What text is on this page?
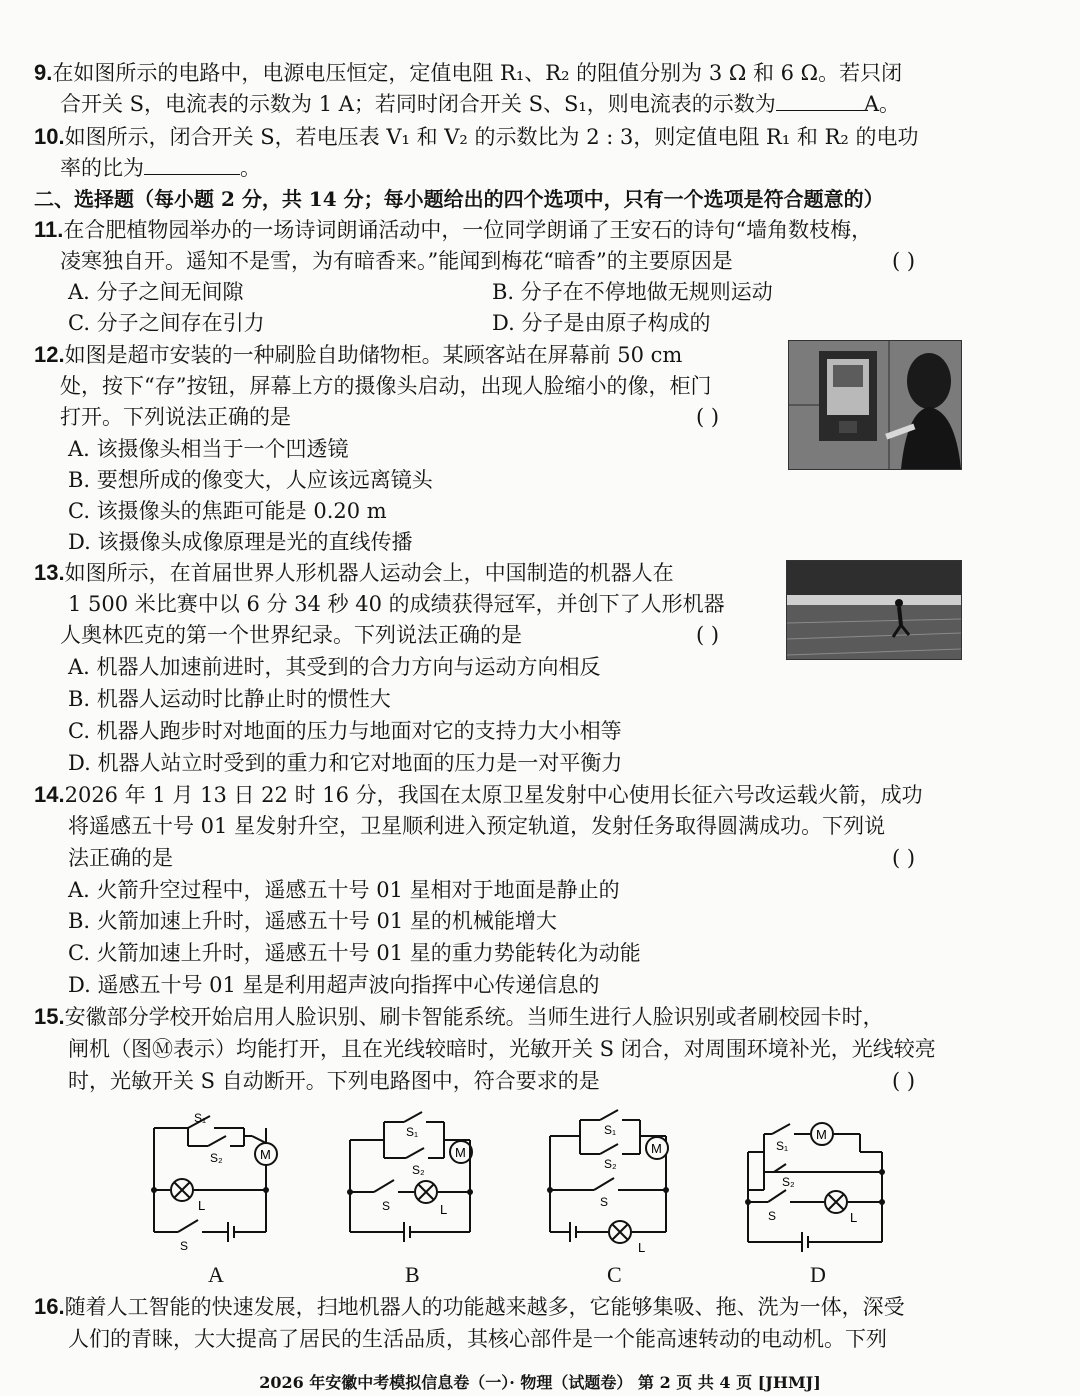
9.在如图所示的电路中，电源电压恒定，定值电阻 R₁、R₂ 的阻值分别为 3 Ω 和 6 Ω。若只闭
合开关 S，电流表的示数为 1 A；若同时闭合开关 S、S₁，则电流表的示数为	A。
10.如图所示，闭合开关 S，若电压表 V₁ 和 V₂ 的示数比为 2 : 3，则定值电阻 R₁ 和 R₂ 的电功
率的比为	。
二、选择题（每小题 2 分，共 14 分；每小题给出的四个选项中，只有一个选项是符合题意的）
11.在合肥植物园举办的一场诗词朗诵活动中，一位同学朗诵了王安石的诗句“墙角数枝梅，
凌寒独自开。遥知不是雪，为有暗香来。”能闻到梅花“暗香”的主要原因是	( )
A. 分子之间无间隙	B. 分子在不停地做无规则运动
C. 分子之间存在引力	D. 分子是由原子构成的
12.如图是超市安装的一种刷脸自助储物柜。某顾客站在屏幕前 50 cm
处，按下“存”按钮，屏幕上方的摄像头启动，出现人脸缩小的像，柜门
打开。下列说法正确的是	( )
A. 该摄像头相当于一个凹透镜
B. 要想所成的像变大，人应该远离镜头
C. 该摄像头的焦距可能是 0.20 m
D. 该摄像头成像原理是光的直线传播
13.如图所示，在首届世界人形机器人运动会上，中国制造的机器人在
1 500 米比赛中以 6 分 34 秒 40 的成绩获得冠军，并创下了人形机器
人奥林匹克的第一个世界纪录。下列说法正确的是	( )
A. 机器人加速前进时，其受到的合力方向与运动方向相反
B. 机器人运动时比静止时的惯性大
C. 机器人跑步时对地面的压力与地面对它的支持力大小相等
D. 机器人站立时受到的重力和它对地面的压力是一对平衡力
14.2026 年 1 月 13 日 22 时 16 分，我国在太原卫星发射中心使用长征六号改运载火箭，成功
将遥感五十号 01 星发射升空，卫星顺利进入预定轨道，发射任务取得圆满成功。下列说
法正确的是	( )
A. 火箭升空过程中，遥感五十号 01 星相对于地面是静止的
B. 火箭加速上升时，遥感五十号 01 星的机械能增大
C. 火箭加速上升时，遥感五十号 01 星的重力势能转化为动能
D. 遥感五十号 01 星是利用超声波向指挥中心传递信息的
15.安徽部分学校开始启用人脸识别、刷卡智能系统。当师生进行人脸识别或者刷校园卡时，
闸机（图Ⓜ表示）均能打开，且在光线较暗时，光敏开关 S 闭合，对周围环境补光，光线较亮
时，光敏开关 S 自动断开。下列电路图中，符合要求的是	( )
M
S₁
S₂
L
S
M
S₁
S₂
S	L
M
S₁
S₂
S
L
M
S₁
S₂
S	L
A	B	C	D
16.随着人工智能的快速发展，扫地机器人的功能越来越多，它能够集吸、拖、洗为一体，深受
人们的青睐，大大提高了居民的生活品质，其核心部件是一个能高速转动的电动机。下列
2026 年安徽中考模拟信息卷（一）· 物理（试题卷） 第 2 页 共 4 页 [JHMJ]
